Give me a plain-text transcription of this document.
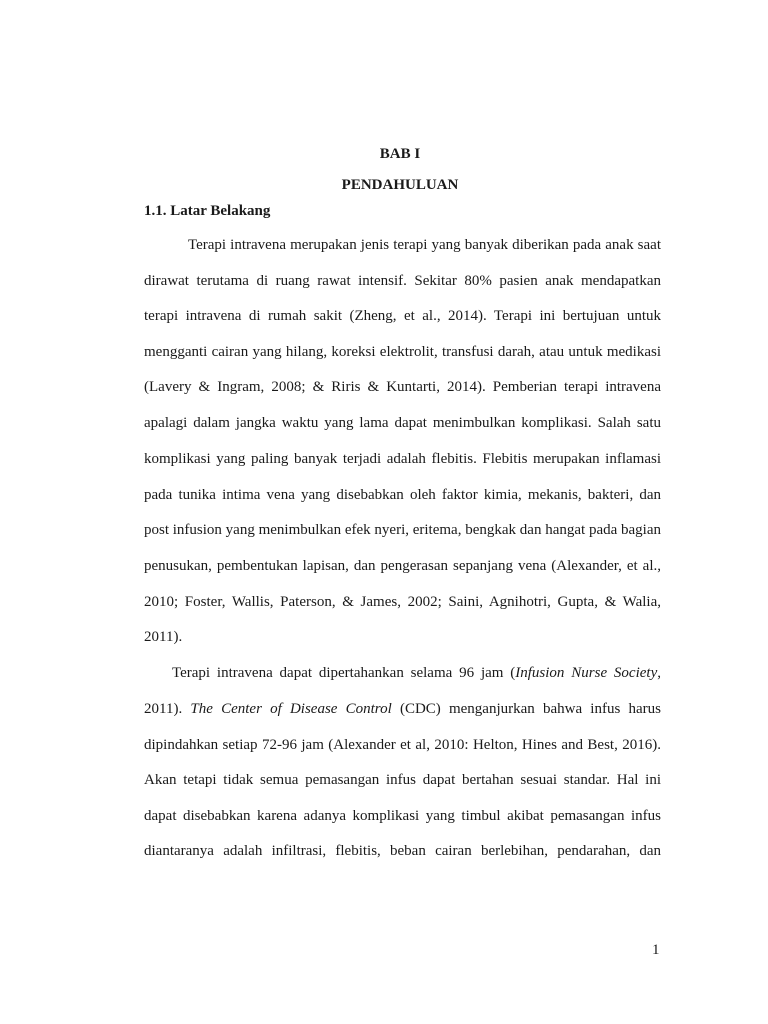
BAB I
PENDAHULUAN
1.1. Latar Belakang
Terapi intravena merupakan jenis terapi yang banyak diberikan pada anak saat
dirawat terutama di ruang rawat intensif. Sekitar 80% pasien anak mendapatkan
terapi intravena di rumah sakit (Zheng, et al., 2014). Terapi ini bertujuan untuk
mengganti cairan yang hilang, koreksi elektrolit, transfusi darah, atau untuk medikasi
(Lavery & Ingram, 2008; & Riris & Kuntarti, 2014). Pemberian terapi intravena
apalagi dalam jangka waktu yang lama dapat menimbulkan komplikasi. Salah satu
komplikasi yang paling banyak terjadi adalah flebitis. Flebitis merupakan inflamasi
pada tunika intima vena yang disebabkan oleh faktor kimia, mekanis, bakteri, dan
post infusion yang menimbulkan efek nyeri, eritema, bengkak dan hangat pada bagian
penusukan, pembentukan lapisan, dan pengerasan sepanjang vena (Alexander, et al.,
2010; Foster, Wallis, Paterson, & James, 2002; Saini, Agnihotri, Gupta, & Walia,
2011).
Terapi intravena dapat dipertahankan selama 96 jam (Infusion Nurse Society,
2011). The Center of Disease Control (CDC) menganjurkan bahwa infus harus
dipindahkan setiap 72-96 jam (Alexander et al, 2010: Helton, Hines and Best, 2016).
Akan tetapi tidak semua pemasangan infus dapat bertahan sesuai standar. Hal ini
dapat disebabkan karena adanya komplikasi yang timbul akibat pemasangan infus
diantaranya adalah infiltrasi, flebitis, beban cairan berlebihan, pendarahan, dan
1
